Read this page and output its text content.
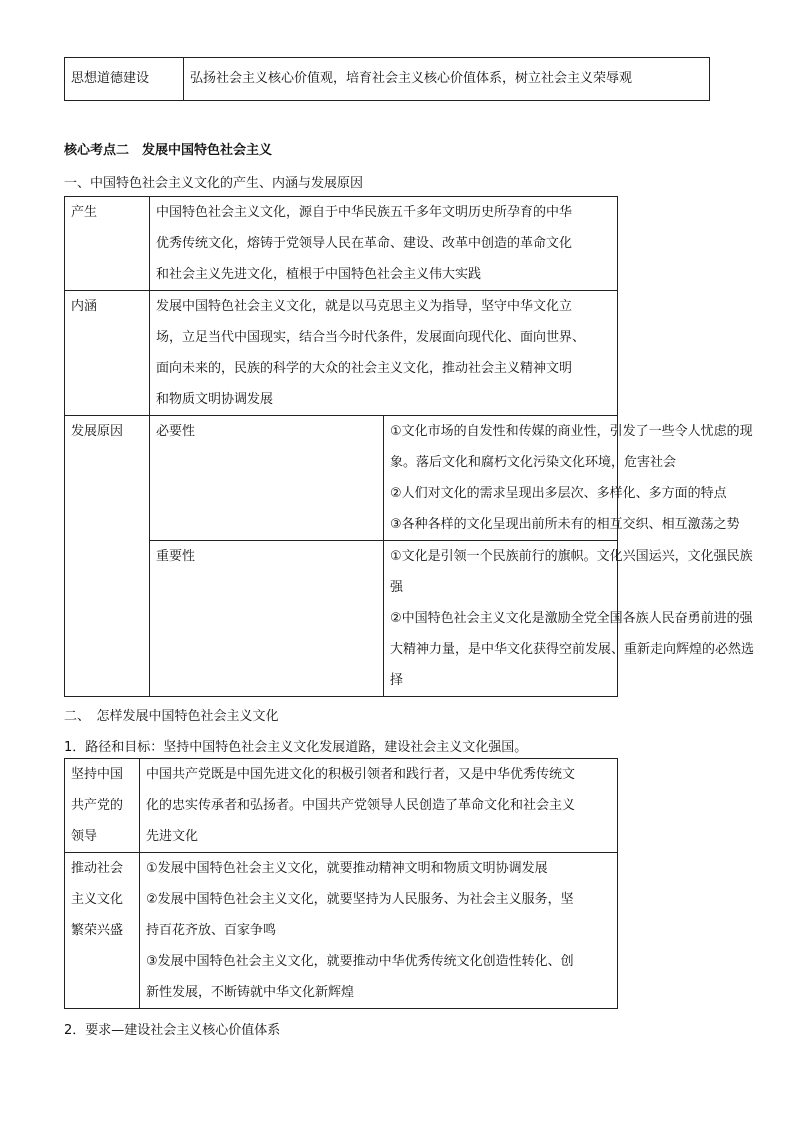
思想道德建设	弘扬社会主义核心价值观，培育社会主义核心价值体系，树立社会主义荣辱观
核心考点二　发展中国特色社会主义
一、中国特色社会主义文化的产生、内涵与发展原因
产生	中国特色社会主义文化，源自于中华民族五千多年文明历史所孕育的中华
优秀传统文化，熔铸于党领导人民在革命、建设、改革中创造的革命文化
和社会主义先进文化，植根于中国特色社会主义伟大实践	

内涵	发展中国特色社会主义文化，就是以马克思主义为指导，坚守中华文化立
场，立足当代中国现实，结合当今时代条件，发展面向现代化、面向世界、
面向未来的，民族的科学的大众的社会主义文化，推动社会主义精神文明
和物质文明协调发展	

发展原因	必要性	①文化市场的自发性和传媒的商业性，引发了一些令人忧虑的现
象。落后文化和腐朽文化污染文化环境，危害社会
②人们对文化的需求呈现出多层次、多样化、多方面的特点
③各种各样的文化呈现出前所未有的相互交织、相互激荡之势

	重要性	①文化是引领一个民族前行的旗帜。文化兴国运兴，文化强民族
强
②中国特色社会主义文化是激励全党全国各族人民奋勇前进的强
大精神力量，是中华文化获得空前发展、重新走向辉煌的必然选
择
二、　怎样发展中国特色社会主义文化
1．路径和目标：坚持中国特色社会主义文化发展道路，建设社会主义文化强国。
坚持中国
共产党的
领导	中国共产党既是中国先进文化的积极引领者和践行者，又是中华优秀传统文
化的忠实传承者和弘扬者。中国共产党领导人民创造了革命文化和社会主义
先进文化

推动社会
主义文化
繁荣兴盛	①发展中国特色社会主义文化，就要推动精神文明和物质文明协调发展
②发展中国特色社会主义文化，就要坚持为人民服务、为社会主义服务，坚
持百花齐放、百家争鸣
③发展中国特色社会主义文化，就要推动中华优秀传统文化创造性转化、创
新性发展，不断铸就中华文化新辉煌
2．要求—建设社会主义核心价值体系
